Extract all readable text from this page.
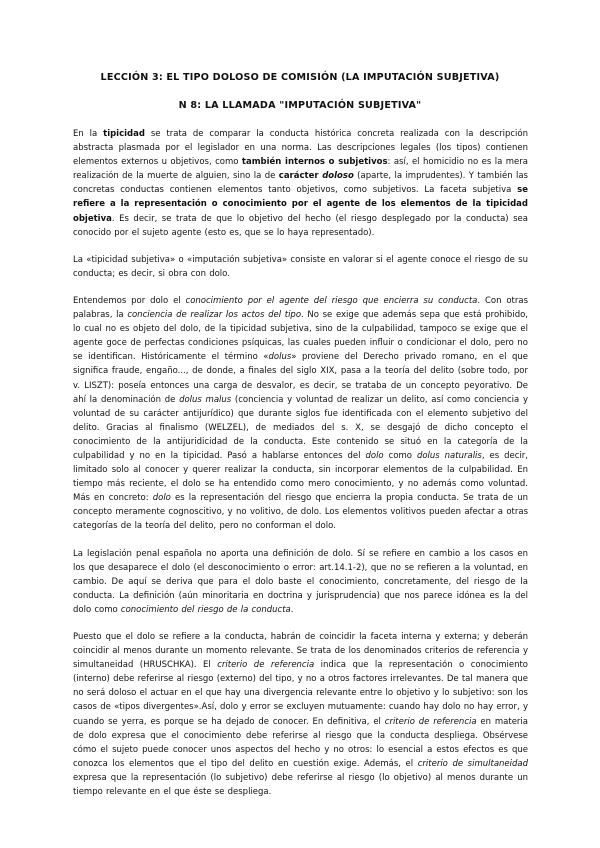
LECCIÓN 3: EL TIPO DOLOSO DE COMISIÓN (LA IMPUTACIÓN SUBJETIVA)
N 8: LA LLAMADA "IMPUTACIÓN SUBJETIVA"

En la tipicidad se trata de comparar la conducta histórica concreta realizada con la descripción abstracta plasmada por el legislador en una norma. Las descripciones legales (los tipos) contienen elementos externos u objetivos, como también internos o subjetivos: así, el homicidio no es la mera realización de la muerte de alguien, sino la de carácter doloso (aparte, la imprudentes). Y también las concretas conductas contienen elementos tanto objetivos, como subjetivos. La faceta subjetiva se refiere a la representación o conocimiento por el agente de los elementos de la tipicidad objetiva. Es decir, se trata de que lo objetivo del hecho (el riesgo desplegado por la conducta) sea conocido por el sujeto agente (esto es, que se lo haya representado).

La «tipicidad subjetiva» o «imputación subjetiva» consiste en valorar si el agente conoce el riesgo de su conducta; es decir, si obra con dolo.

Entendemos por dolo el conocimiento por el agente del riesgo que encierra su conducta. Con otras palabras, la conciencia de realizar los actos del tipo. No se exige que además sepa que está prohibido, lo cual no es objeto del dolo, de la tipicidad subjetiva, sino de la culpabilidad, tampoco se exige que el agente goce de perfectas condiciones psíquicas, las cuales pueden influir o condicionar el dolo, pero no se identifican. Históricamente el término «dolus» proviene del Derecho privado romano, en el que significa fraude, engaño..., de donde, a finales del siglo XIX, pasa a la teoría del delito (sobre todo, por v. LISZT): poseía entonces una carga de desvalor, es decir, se trataba de un concepto peyorativo. De ahí la denominación de dolus malus (conciencia y voluntad de realizar un delito, así como conciencia y voluntad de su carácter antijurídico) que durante siglos fue identificada con el elemento subjetivo del delito. Gracias al finalismo (WELZEL), de mediados del s. X, se desgajó de dicho concepto el conocimiento de la antijuridicidad de la conducta. Este contenido se situó en la categoría de la culpabilidad y no en la tipicidad. Pasó a hablarse entonces del dolo como dolus naturalis, es decir, limitado solo al conocer y querer realizar la conducta, sin incorporar elementos de la culpabilidad. En tiempo más reciente, el dolo se ha entendido como mero conocimiento, y no además como voluntad. Más en concreto: dolo es la representación del riesgo que encierra la propia conducta. Se trata de un concepto meramente cognoscitivo, y no volitivo, de dolo. Los elementos volitivos pueden afectar a otras categorías de la teoría del delito, pero no conforman el dolo.

La legislación penal española no aporta una definición de dolo. Sí se refiere en cambio a los casos en los que desaparece el dolo (el desconocimiento o error: art.14.1-2), que no se refieren a la voluntad, en cambio. De aquí se deriva que para el dolo baste el conocimiento, concretamente, del riesgo de la conducta. La definición (aún minoritaria en doctrina y jurisprudencia) que nos parece idónea es la del dolo como conocimiento del riesgo de la conducta.

Puesto que el dolo se refiere a la conducta, habrán de coincidir la faceta interna y externa; y deberán coincidir al menos durante un momento relevante. Se trata de los denominados criterios de referencia y simultaneidad (HRUSCHKA). El criterio de referencia indica que la representación o conocimiento (interno) debe referirse al riesgo (externo) del tipo, y no a otros factores irrelevantes. De tal manera que no será doloso el actuar en el que hay una divergencia relevante entre lo objetivo y lo subjetivo: son los casos de «tipos divergentes».Así, dolo y error se excluyen mutuamente: cuando hay dolo no hay error, y cuando se yerra, es porque se ha dejado de conocer. En definitiva, el criterio de referencia en materia de dolo expresa que el conocimiento debe referirse al riesgo que la conducta despliega. Obsérvese cómo el sujeto puede conocer unos aspectos del hecho y no otros: lo esencial a estos efectos es que conozca los elementos que el tipo del delito en cuestión exige. Además, el criterio de simultaneidad expresa que la representación (lo subjetivo) debe referirse al riesgo (lo objetivo) al menos durante un tiempo relevante en el que éste se despliega.
